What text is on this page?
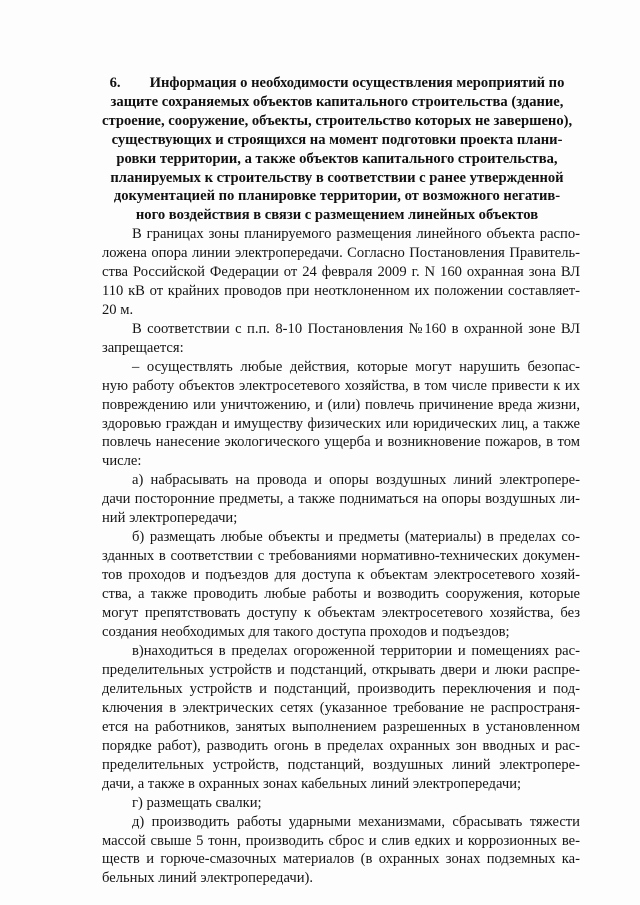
6. Информация о необходимости осуществления мероприятий по
защите сохраняемых объектов капитального строительства (здание,
строение, сооружение, объекты, строительство которых не завершено),
существующих и строящихся на момент подготовки проекта плани-
ровки территории, а также объектов капитального строительства,
планируемых к строительству в соответствии с ранее утвержденной
документацией по планировке территории, от возможного негатив-
ного воздействия в связи с размещением линейных объектов
В границах зоны планируемого размещения линейного объекта распо-
ложена опора линии электропередачи. Согласно Постановления Правитель-
ства Российской Федерации от 24 февраля 2009 г. N 160 охранная зона ВЛ
110 кВ от крайних проводов при неотклоненном их положении составляет-
20 м.
В соответствии с п.п. 8-10 Постановления №160 в охранной зоне ВЛ
запрещается:
– осуществлять любые действия, которые могут нарушить безопас-
ную работу объектов электросетевого хозяйства, в том числе привести к их
повреждению или уничтожению, и (или) повлечь причинение вреда жизни,
здоровью граждан и имуществу физических или юридических лиц, а также
повлечь нанесение экологического ущерба и возникновение пожаров, в том
числе:
а) набрасывать на провода и опоры воздушных линий электропере-
дачи посторонние предметы, а также подниматься на опоры воздушных ли-
ний электропередачи;
б) размещать любые объекты и предметы (материалы) в пределах со-
зданных в соответствии с требованиями нормативно-технических докумен-
тов проходов и подъездов для доступа к объектам электросетевого хозяй-
ства, а также проводить любые работы и возводить сооружения, которые
могут препятствовать доступу к объектам электросетевого хозяйства, без
создания необходимых для такого доступа проходов и подъездов;
в)находиться в пределах огороженной территории и помещениях рас-
пределительных устройств и подстанций, открывать двери и люки распре-
делительных устройств и подстанций, производить переключения и под-
ключения в электрических сетях (указанное требование не распространя-
ется на работников, занятых выполнением разрешенных в установленном
порядке работ), разводить огонь в пределах охранных зон вводных и рас-
пределительных устройств, подстанций, воздушных линий электропере-
дачи, а также в охранных зонах кабельных линий электропередачи;
г) размещать свалки;
д) производить работы ударными механизмами, сбрасывать тяжести
массой свыше 5 тонн, производить сброс и слив едких и коррозионных ве-
ществ и горюче-смазочных материалов (в охранных зонах подземных ка-
бельных линий электропередачи).
